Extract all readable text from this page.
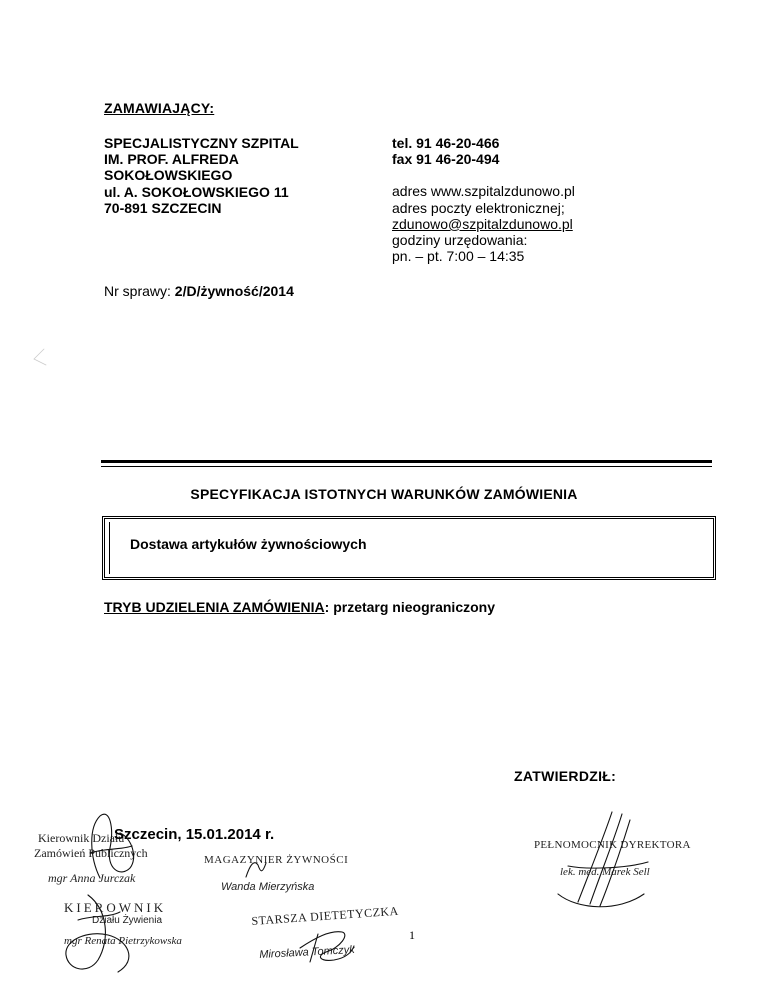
ZAMAWIAJĄCY:
SPECJALISTYCZNY SZPITAL
IM. PROF. ALFREDA
SOKOŁOWSKIEGO
ul. A. SOKOŁOWSKIEGO 11
70-891 SZCZECIN
tel. 91 46-20-466
fax 91 46-20-494
adres www.szpitalzdunowo.pl
adres poczty elektronicznej;
zdunowo@szpitalzdunowo.pl
godziny urzędowania:
pn. – pt. 7:00 – 14:35
Nr sprawy: 2/D/żywność/2014
SPECYFIKACJA ISTOTNYCH WARUNKÓW ZAMÓWIENIA
Dostawa artykułów żywnościowych
TRYB UDZIELENIA ZAMÓWIENIA: przetarg nieograniczony
ZATWIERDZIŁ:
Kierownik Działu
Zamówień Publicznych
mgr Anna Jurczak
Szczecin, 15.01.2014 r.
KIEROWNIK
Działu Żywienia
mgr Renata Pietrzykowska
MAGAZYNIER ŻYWNOŚCI
Wanda Mierzyńska
STARSZA DIETETYCZKA
Mirosława Tomczyk
1
PEŁNOMOCNIK DYREKTORA
lek. med. Marek Sell
